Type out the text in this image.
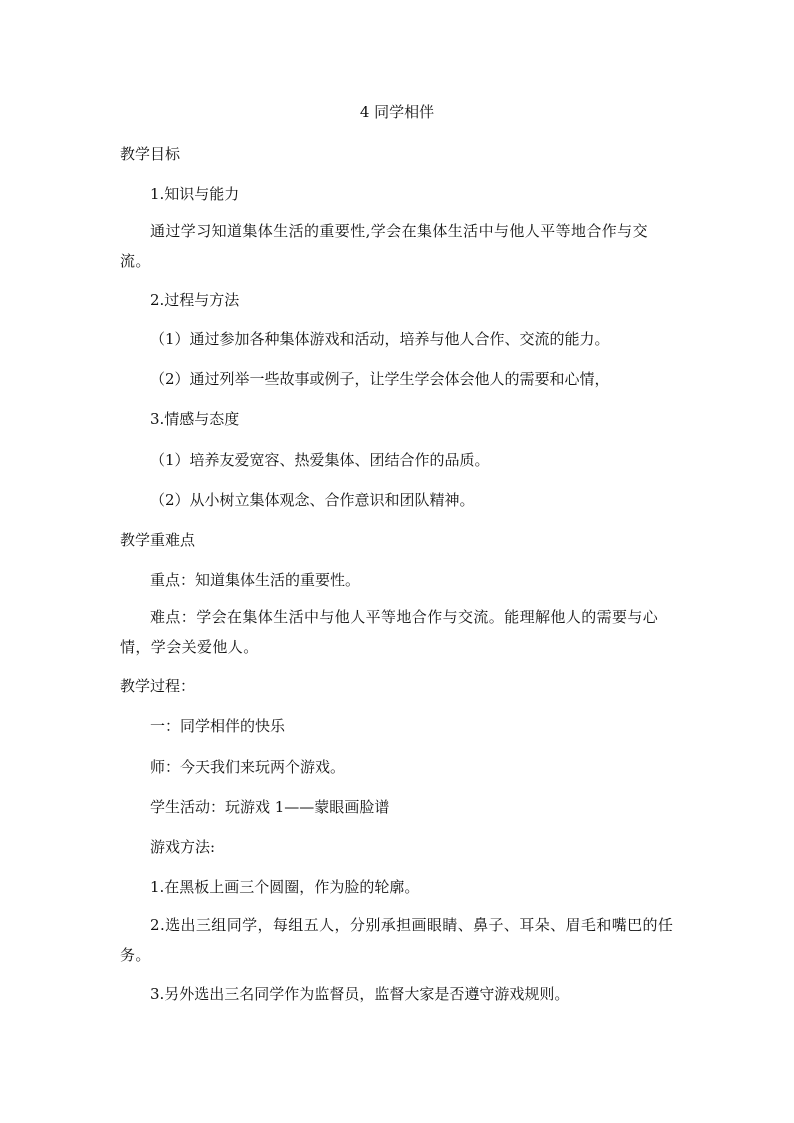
4 同学相伴
教学目标
1.知识与能力
通过学习知道集体生活的重要性,学会在集体生活中与他人平等地合作与交流。
2.过程与方法
（1）通过参加各种集体游戏和活动，培养与他人合作、交流的能力。
（2）通过列举一些故事或例子，让学生学会体会他人的需要和心情，
3.情感与态度
（1）培养友爱宽容、热爱集体、团结合作的品质。
（2）从小树立集体观念、合作意识和团队精神。
教学重难点
重点：知道集体生活的重要性。
难点：学会在集体生活中与他人平等地合作与交流。能理解他人的需要与心情，学会关爱他人。
教学过程：
一：同学相伴的快乐
师：今天我们来玩两个游戏。
学生活动：玩游戏 1——蒙眼画脸谱
游戏方法:
1.在黑板上画三个圆圈，作为脸的轮廓。
2.选出三组同学，每组五人，分别承担画眼睛、鼻子、耳朵、眉毛和嘴巴的任务。
3.另外选出三名同学作为监督员，监督大家是否遵守游戏规则。
